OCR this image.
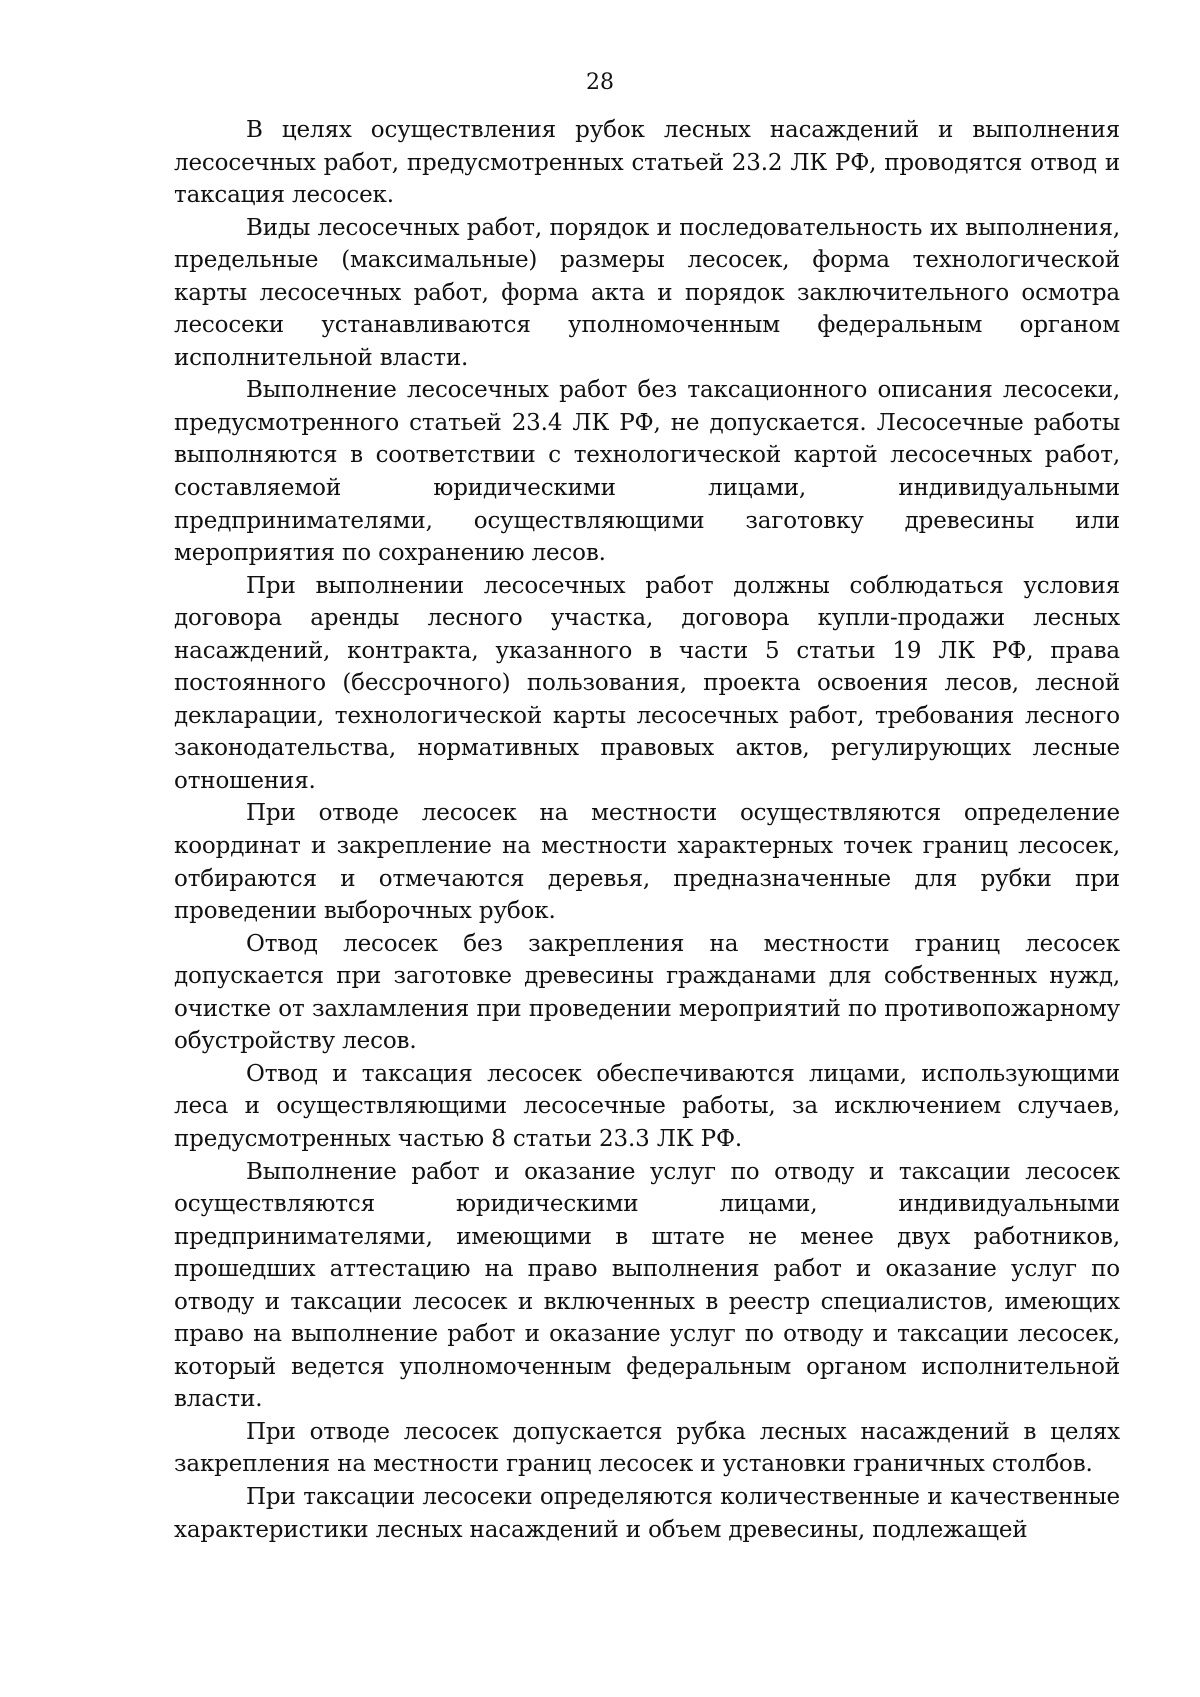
28

В целях осуществления рубок лесных насаждений и выполнения лесосечных работ, предусмотренных статьей 23.2 ЛК РФ, проводятся отвод и таксация лесосек.

Виды лесосечных работ, порядок и последовательность их выполнения, предельные (максимальные) размеры лесосек, форма технологической карты лесосечных работ, форма акта и порядок заключительного осмотра лесосеки устанавливаются уполномоченным федеральным органом исполнительной власти.

Выполнение лесосечных работ без таксационного описания лесосеки, предусмотренного статьей 23.4 ЛК РФ, не допускается. Лесосечные работы выполняются в соответствии с технологической картой лесосечных работ, составляемой юридическими лицами, индивидуальными предпринимателями, осуществляющими заготовку древесины или мероприятия по сохранению лесов.

При выполнении лесосечных работ должны соблюдаться условия договора аренды лесного участка, договора купли-продажи лесных насаждений, контракта, указанного в части 5 статьи 19 ЛК РФ, права постоянного (бессрочного) пользования, проекта освоения лесов, лесной декларации, технологической карты лесосечных работ, требования лесного законодательства, нормативных правовых актов, регулирующих лесные отношения.

При отводе лесосек на местности осуществляются определение координат и закрепление на местности характерных точек границ лесосек, отбираются и отмечаются деревья, предназначенные для рубки при проведении выборочных рубок.

Отвод лесосек без закрепления на местности границ лесосек допускается при заготовке древесины гражданами для собственных нужд, очистке от захламления при проведении мероприятий по противопожарному обустройству лесов.

Отвод и таксация лесосек обеспечиваются лицами, использующими леса и осуществляющими лесосечные работы, за исключением случаев, предусмотренных частью 8 статьи 23.3 ЛК РФ.

Выполнение работ и оказание услуг по отводу и таксации лесосек осуществляются юридическими лицами, индивидуальными предпринимателями, имеющими в штате не менее двух работников, прошедших аттестацию на право выполнения работ и оказание услуг по отводу и таксации лесосек и включенных в реестр специалистов, имеющих право на выполнение работ и оказание услуг по отводу и таксации лесосек, который ведется уполномоченным федеральным органом исполнительной власти.

При отводе лесосек допускается рубка лесных насаждений в целях закрепления на местности границ лесосек и установки граничных столбов.

При таксации лесосеки определяются количественные и качественные характеристики лесных насаждений и объем древесины, подлежащей
